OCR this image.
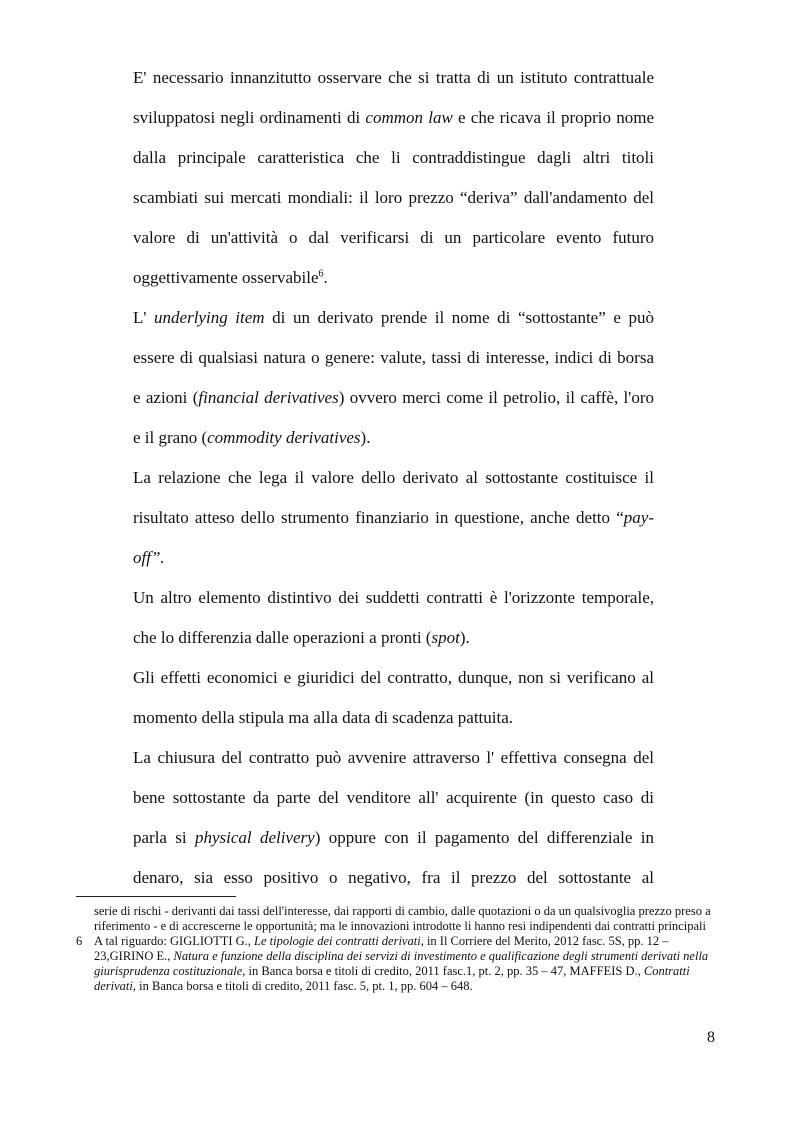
E' necessario innanzitutto osservare che si tratta di un istituto contrattuale
sviluppatosi negli ordinamenti di common law e che ricava il proprio nome
dalla principale caratteristica che li contraddistingue dagli altri titoli
scambiati sui mercati mondiali: il loro prezzo “deriva” dall'andamento del
valore di un'attività o dal verificarsi di un particolare evento futuro
oggettivamente osservabile$^6$.
L' underlying item di un derivato prende il nome di “sottostante” e può
essere di qualsiasi natura o genere: valute, tassi di interesse, indici di borsa
e azioni (financial derivatives) ovvero merci come il petrolio, il caffè, l'oro
e il grano (commodity derivatives).
La relazione che lega il valore dello derivato al sottostante costituisce il
risultato atteso dello strumento finanziario in questione, anche detto “pay-
off”.
Un altro elemento distintivo dei suddetti contratti è l'orizzonte temporale,
che lo differenzia dalle operazioni a pronti (spot).
Gli effetti economici e giuridici del contratto, dunque, non si verificano al
momento della stipula ma alla data di scadenza pattuita.
La chiusura del contratto può avvenire attraverso l' effettiva consegna del
bene sottostante da parte del venditore all' acquirente (in questo caso di
parla si physical delivery) oppure con il pagamento del differenziale in
denaro, sia esso positivo o negativo, fra il prezzo del sottostante al
serie di rischi - derivanti dai tassi dell'interesse, dai rapporti di cambio, dalle quotazioni o da un qualsivoglia prezzo preso a riferimento - e di accrescerne le opportunità; ma le innovazioni introdotte li hanno resi indipendenti dai contratti principali
6 A tal riguardo: GIGLIOTTI G., Le tipologie dei contratti derivati, in Il Corriere del Merito, 2012 fasc. 5S, pp. 12 – 23,GIRINO E., Natura e funzione della disciplina dei servizi di investimento e qualificazione degli strumenti derivati nella giurisprudenza costituzionale, in Banca borsa e titoli di credito, 2011 fasc.1, pt. 2, pp. 35 – 47, MAFFEIS D., Contratti derivati, in Banca borsa e titoli di credito, 2011 fasc. 5, pt. 1, pp. 604 – 648.
8
